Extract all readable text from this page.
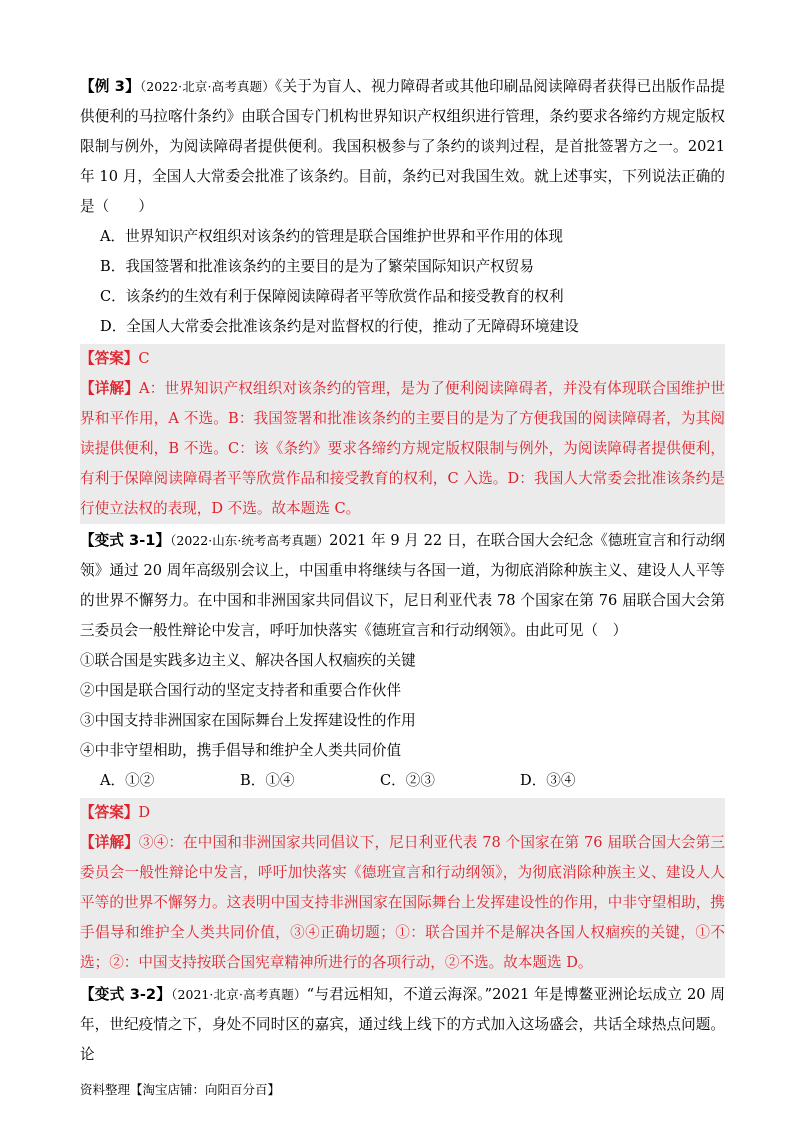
【例 3】（2022·北京·高考真题）《关于为盲人、视力障碍者或其他印刷品阅读障碍者获得已出版作品提供便利的马拉喀什条约》由联合国专门机构世界知识产权组织进行管理，条约要求各缔约方规定版权限制与例外，为阅读障碍者提供便利。我国积极参与了条约的谈判过程，是首批签署方之一。2021 年 10 月，全国人大常委会批准了该条约。目前，条约已对我国生效。就上述事实，下列说法正确的是（　　）
A．世界知识产权组织对该条约的管理是联合国维护世界和平作用的体现
B．我国签署和批准该条约的主要目的是为了繁荣国际知识产权贸易
C．该条约的生效有利于保障阅读障碍者平等欣赏作品和接受教育的权利
D．全国人大常委会批准该条约是对监督权的行使，推动了无障碍环境建设
【答案】C
【详解】A：世界知识产权组织对该条约的管理，是为了便利阅读障碍者，并没有体现联合国维护世界和平作用，A 不选。B：我国签署和批准该条约的主要目的是为了方便我国的阅读障碍者，为其阅读提供便利，B 不选。C：该《条约》要求各缔约方规定版权限制与例外，为阅读障碍者提供便利，有利于保障阅读障碍者平等欣赏作品和接受教育的权利，C 入选。D：我国人大常委会批准该条约是行使立法权的表现，D 不选。故本题选 C。
【变式 3-1】（2022·山东·统考高考真题）2021 年 9 月 22 日，在联合国大会纪念《德班宣言和行动纲领》通过 20 周年高级别会议上，中国重申将继续与各国一道，为彻底消除种族主义、建设人人平等的世界不懈努力。在中国和非洲国家共同倡议下，尼日利亚代表 78 个国家在第 76 届联合国大会第三委员会一般性辩论中发言，呼吁加快落实《德班宣言和行动纲领》。由此可见（　）
①联合国是实践多边主义、解决各国人权痼疾的关键
②中国是联合国行动的坚定支持者和重要合作伙伴
③中国支持非洲国家在国际舞台上发挥建设性的作用
④中非守望相助，携手倡导和维护全人类共同价值
A．①②	B．①④	C．②③	D．③④
【答案】D
【详解】③④：在中国和非洲国家共同倡议下，尼日利亚代表 78 个国家在第 76 届联合国大会第三委员会一般性辩论中发言，呼吁加快落实《德班宣言和行动纲领》，为彻底消除种族主义、建设人人平等的世界不懈努力。这表明中国支持非洲国家在国际舞台上发挥建设性的作用，中非守望相助，携手倡导和维护全人类共同价值，③④正确切题；①：联合国并不是解决各国人权痼疾的关键，①不选；②：中国支持按联合国宪章精神所进行的各项行动，②不选。故本题选 D。
【变式 3-2】（2021·北京·高考真题）“与君远相知，不道云海深。”2021 年是博鳌亚洲论坛成立 20 周年，世纪疫情之下，身处不同时区的嘉宾，通过线上线下的方式加入这场盛会，共话全球热点问题。论
资料整理【淘宝店铺：向阳百分百】
